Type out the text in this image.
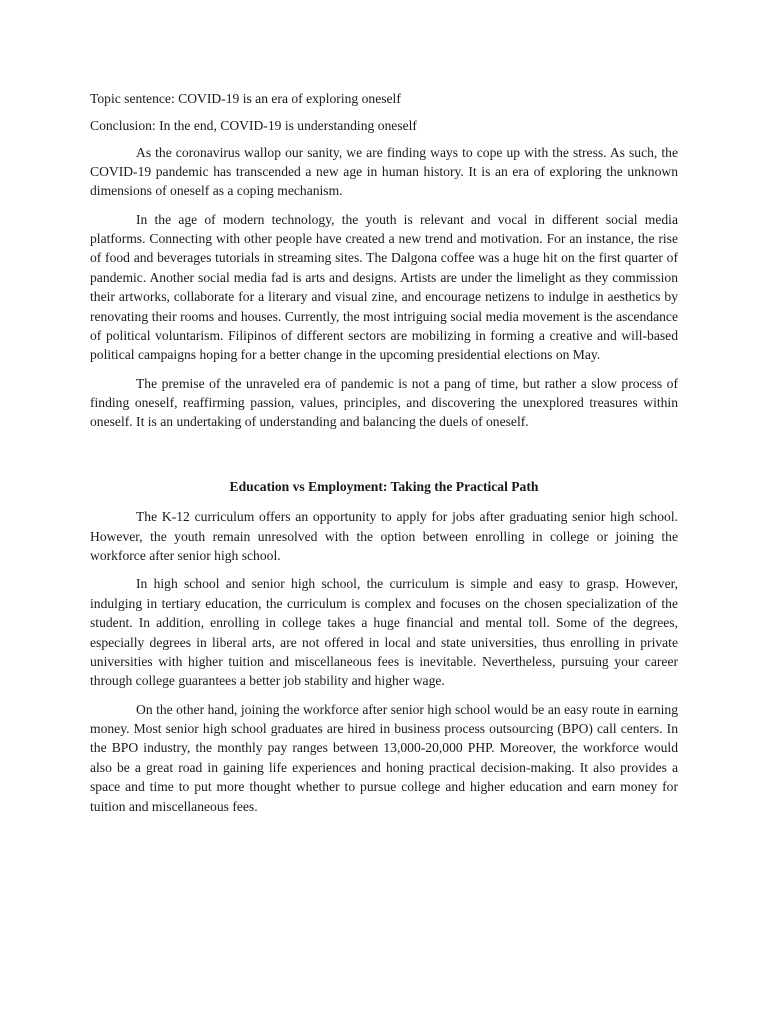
Topic sentence: COVID-19 is an era of exploring oneself

Conclusion: In the end, COVID-19 is understanding oneself

As the coronavirus wallop our sanity, we are finding ways to cope up with the stress. As such, the COVID-19 pandemic has transcended a new age in human history. It is an era of exploring the unknown dimensions of oneself as a coping mechanism.

In the age of modern technology, the youth is relevant and vocal in different social media platforms. Connecting with other people have created a new trend and motivation. For an instance, the rise of food and beverages tutorials in streaming sites. The Dalgona coffee was a huge hit on the first quarter of pandemic. Another social media fad is arts and designs. Artists are under the limelight as they commission their artworks, collaborate for a literary and visual zine, and encourage netizens to indulge in aesthetics by renovating their rooms and houses. Currently, the most intriguing social media movement is the ascendance of political voluntarism. Filipinos of different sectors are mobilizing in forming a creative and will-based political campaigns hoping for a better change in the upcoming presidential elections on May.

The premise of the unraveled era of pandemic is not a pang of time, but rather a slow process of finding oneself, reaffirming passion, values, principles, and discovering the unexplored treasures within oneself. It is an undertaking of understanding and balancing the duels of oneself.

Education vs Employment: Taking the Practical Path

The K-12 curriculum offers an opportunity to apply for jobs after graduating senior high school. However, the youth remain unresolved with the option between enrolling in college or joining the workforce after senior high school.

In high school and senior high school, the curriculum is simple and easy to grasp. However, indulging in tertiary education, the curriculum is complex and focuses on the chosen specialization of the student. In addition, enrolling in college takes a huge financial and mental toll. Some of the degrees, especially degrees in liberal arts, are not offered in local and state universities, thus enrolling in private universities with higher tuition and miscellaneous fees is inevitable. Nevertheless, pursuing your career through college guarantees a better job stability and higher wage.

On the other hand, joining the workforce after senior high school would be an easy route in earning money. Most senior high school graduates are hired in business process outsourcing (BPO) call centers. In the BPO industry, the monthly pay ranges between 13,000-20,000 PHP. Moreover, the workforce would also be a great road in gaining life experiences and honing practical decision-making. It also provides a space and time to put more thought whether to pursue college and higher education and earn money for tuition and miscellaneous fees.
